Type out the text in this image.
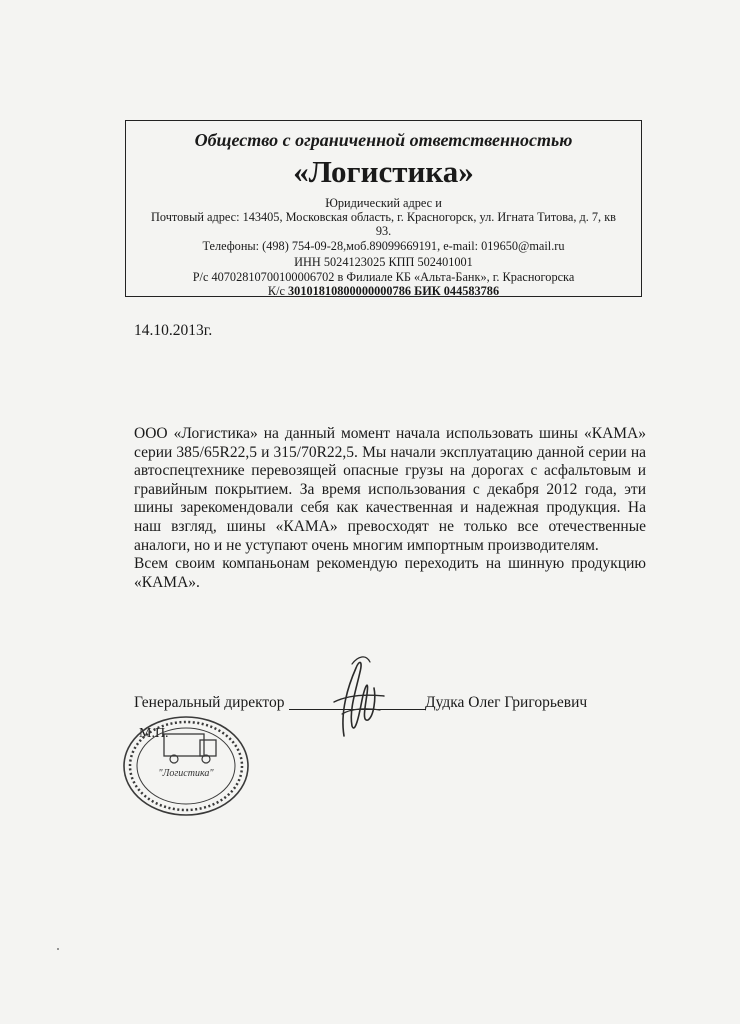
Общество с ограниченной ответственностью
«Логистика»
Юридический адрес и
Почтовый адрес: 143405, Московская область, г. Красногорск, ул. Игната Титова, д. 7, кв
93.
Телефоны: (498) 754-09-28,моб.89099669191, e-mail: 019650@mail.ru
ИНН 5024123025 КПП 502401001
Р/с 40702810700100006702 в Филиале КБ «Альта-Банк», г. Красногорска
К/с 30101810800000000786 БИК 044583786
14.10.2013г.

ООО «Логистика» на данный момент начала использовать шины «КАМА» серии 385/65R22,5 и 315/70R22,5. Мы начали эксплуатацию данной серии на автоспецтехнике перевозящей опасные грузы на дорогах с асфальтовым и гравийным покрытием. За время использования с декабря 2012 года, эти шины зарекомендовали себя как качественная и надежная продукция. На наш взгляд, шины «КАМА» превосходят не только все отечественные аналоги, но и не уступают очень многим импортным производителям.

Всем своим компаньонам рекомендую переходить на шинную продукцию «КАМА».

Генеральный директор	Дудка Олег Григорьевич
М.П.
"Логистика"
